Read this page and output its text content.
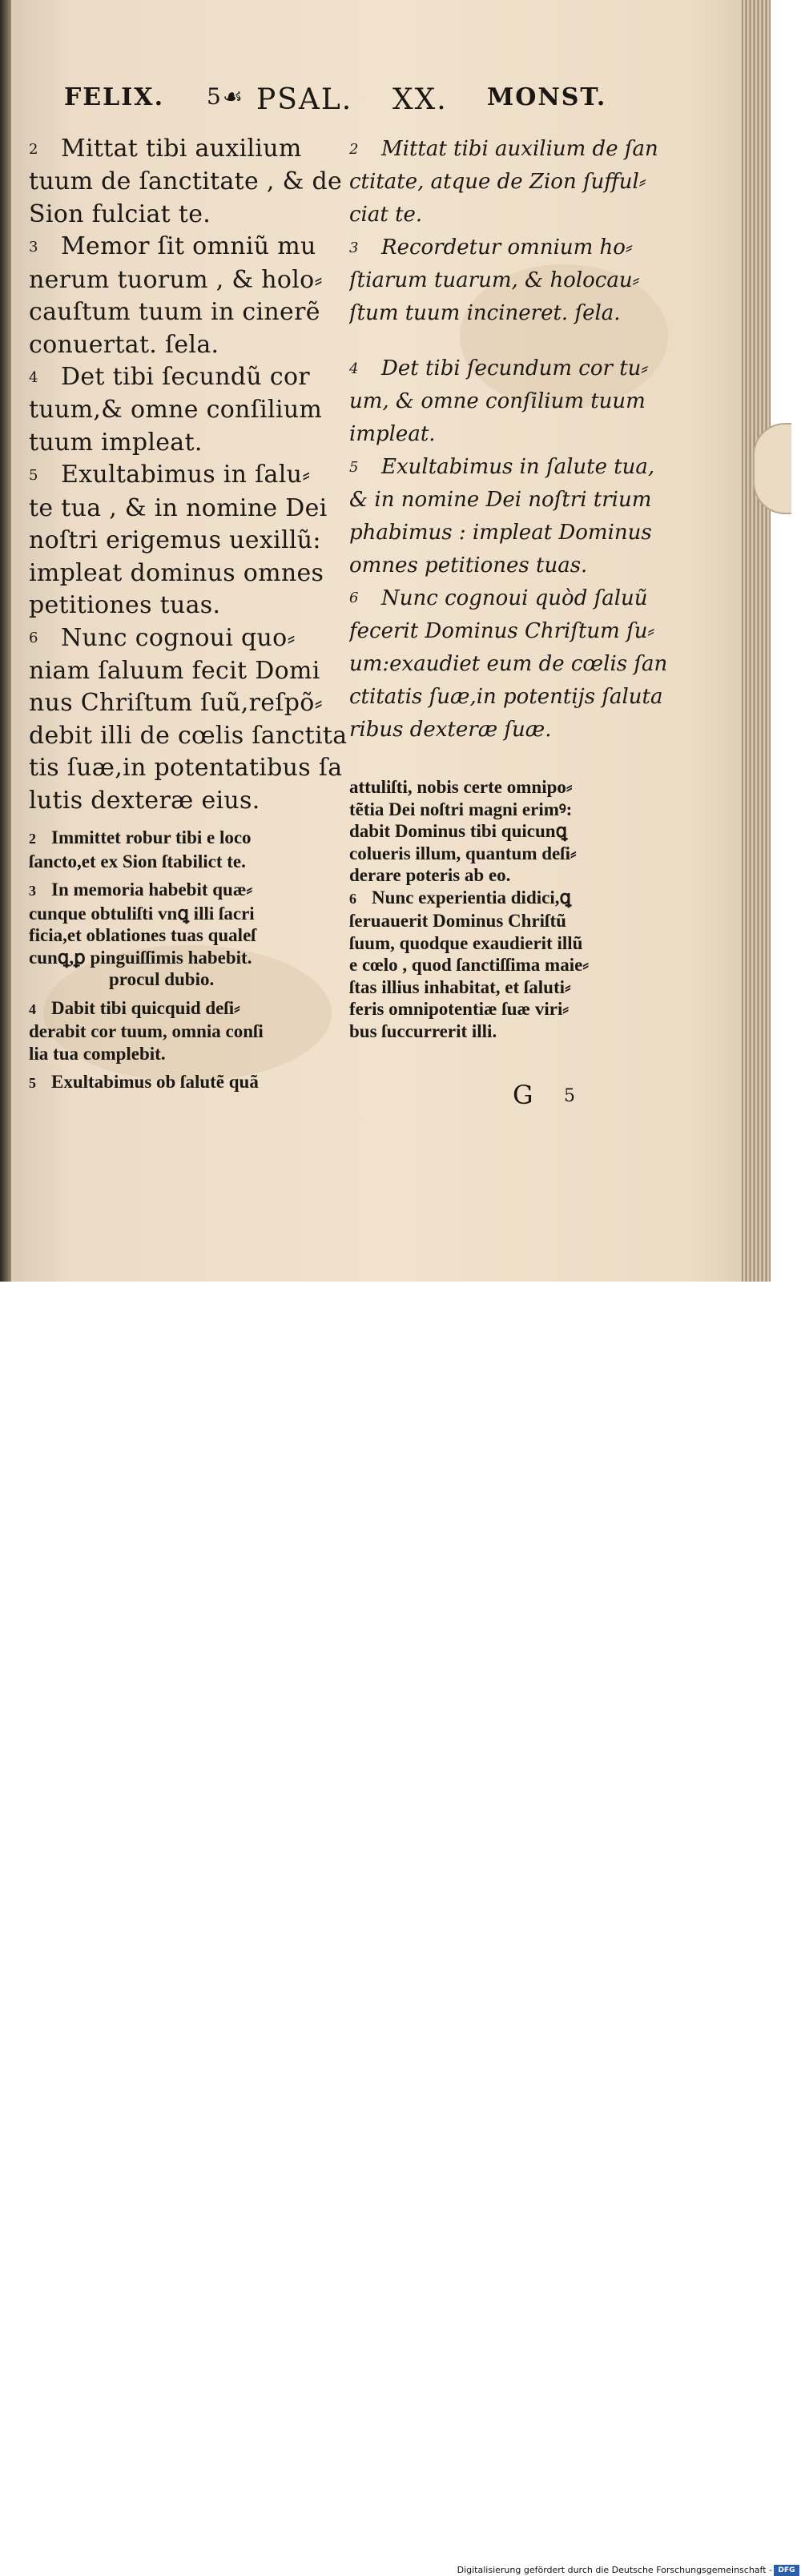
FELIX. 5☙ PSAL. XX. MONST.
2 Mittat tibi auxilium
tuum de ſanctitate , & de
Sion fulciat te.
3 Memor ſit omniũ mu
nerum tuorum , & holo⸗
cauſtum tuum in cinerẽ
conuertat. ſela.
4 Det tibi ſecundũ cor
tuum,& omne conſilium
tuum impleat.
5 Exultabimus in ſalu⸗
te tua , & in nomine Dei
noſtri erigemus uexillũ:
impleat dominus omnes
petitiones tuas.
6 Nunc cognoui quo⸗
niam ſaluum fecit Domi
nus Chriſtum ſuũ,reſpõ⸗
debit illi de cœlis ſanctita
tis ſuæ,in potentatibus ſa
lutis dexteræ eius.
2 Immittet robur tibi e loco
ſancto,et ex Sion ſtabilict te.
3 In memoria habebit quæ⸗
cunque obtuliſti vnꝗ illi ſacri
ficia,et oblationes tuas qualeſ
cunꝗ,ꝑ pinguiſſimis habebit.
procul dubio.
4 Dabit tibi quicquid deſi⸗
derabit cor tuum, omnia conſi
lia tua complebit.
5 Exultabimus ob ſalutẽ quã
2 Mittat tibi auxilium de ſan
ctitate, atque de Zion ſufful⸗
ciat te.
3 Recordetur omnium ho⸗
ſtiarum tuarum, & holocau⸗
ſtum tuum incineret. ſela.
4 Det tibi ſecundum cor tu⸗
um, & omne conſilium tuum
impleat.
5 Exultabimus in ſalute tua,
& in nomine Dei noſtri trium
phabimus : impleat Dominus
omnes petitiones tuas.
6 Nunc cognoui quòd ſaluũ
fecerit Dominus Chriſtum ſu⸗
um:exaudiet eum de cœlis ſan
ctitatis ſuæ,in potentijs ſaluta
ribus dexteræ ſuæ.
attuliſti, nobis certe omnipo⸗
tẽtia Dei noſtri magni erimꝰ:
dabit Dominus tibi quicunꝗ
colueris illum, quantum deſi⸗
derare poteris ab eo.
6 Nunc experientia didici,ꝗ
ſeruauerit Dominus Chriſtũ
ſuum, quodque exaudierit illũ
e cœlo , quod ſanctiſſima maie⸗
ſtas illius inhabitat, et ſaluti⸗
feris omnipotentiæ ſuæ viri⸗
bus ſuccurrerit illi.
G 5
Digitalisierung gefördert durch die Deutsche Forschungsgemeinschaft - DFG
